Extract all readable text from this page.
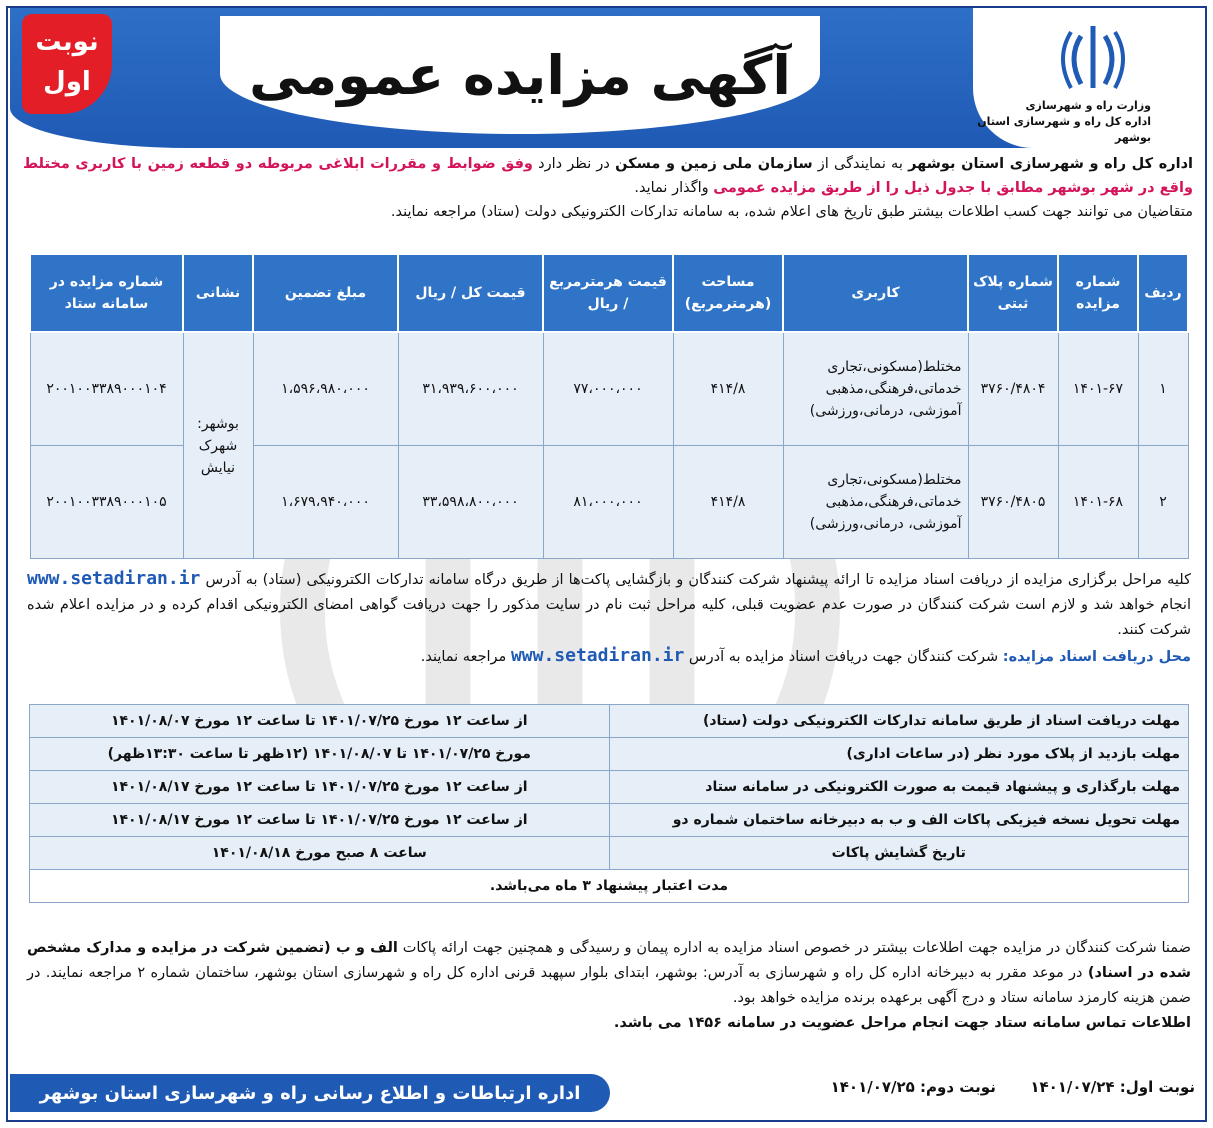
آگهی مزایده عمومی
نوبت
اول
وزارت راه و شهرسازی
اداره کل راه و شهرسازی استان بوشهر
اداره کل راه و شهرسازی استان بوشهر به نمایندگی از سازمان ملی زمین و مسکن در نظر دارد وفق ضوابط و مقررات ابلاغی مربوطه دو قطعه زمین با کاربری مختلط واقع در شهر بوشهر مطابق با جدول ذیل را از طریق مزایده عمومی واگذار نماید.
متقاضیان می توانند جهت کسب اطلاعات بیشتر طبق تاریخ های اعلام شده، به سامانه تدارکات الکترونیکی دولت (ستاد) مراجعه نمایند.
ردیف	شماره مزایده	شماره پلاک ثبتی	کاربری	مساحت (هرمترمربع)	قیمت هرمترمربع / ریال	قیمت کل / ریال	مبلغ تضمین	نشانی	شماره مزایده در سامانه ستاد
۱	۱۴۰۱-۶۷	۳۷۶۰/۴۸۰۴	مختلط(مسکونی،تجاری خدماتی،فرهنگی،مذهبی آموزشی، درمانی،ورزشی)	۴۱۴/۸	۷۷،۰۰۰،۰۰۰	۳۱،۹۳۹،۶۰۰،۰۰۰	۱،۵۹۶،۹۸۰،۰۰۰	بوشهر: شهرک نیایش	۲۰۰۱۰۰۳۳۸۹۰۰۰۱۰۴
۲	۱۴۰۱-۶۸	۳۷۶۰/۴۸۰۵	مختلط(مسکونی،تجاری خدماتی،فرهنگی،مذهبی آموزشی، درمانی،ورزشی)	۴۱۴/۸	۸۱،۰۰۰،۰۰۰	۳۳،۵۹۸،۸۰۰،۰۰۰	۱،۶۷۹،۹۴۰،۰۰۰		۲۰۰۱۰۰۳۳۸۹۰۰۰۱۰۵
کلیه مراحل برگزاری مزایده از دریافت اسناد مزایده تا ارائه پیشنهاد شرکت کنندگان و بازگشایی پاکت‌ها از طریق درگاه سامانه تدارکات الکترونیکی (ستاد) به آدرس www.setadiran.ir انجام خواهد شد و لازم است شرکت کنندگان در صورت عدم عضویت قبلی، کلیه مراحل ثبت نام در سایت مذکور را جهت دریافت گواهی امضای الکترونیکی اقدام کرده و در مزایده اعلام شده شرکت کنند.
محل دریافت اسناد مزایده: شرکت کنندگان جهت دریافت اسناد مزایده به آدرس www.setadiran.ir مراجعه نمایند.
مهلت دریافت اسناد از طریق سامانه تدارکات الکترونیکی دولت (ستاد)	از ساعت ۱۲ مورخ ۱۴۰۱/۰۷/۲۵ تا ساعت ۱۲ مورخ ۱۴۰۱/۰۸/۰۷
مهلت بازدید از پلاک مورد نظر (در ساعات اداری)	مورخ ۱۴۰۱/۰۷/۲۵ تا ۱۴۰۱/۰۸/۰۷ (۱۲ظهر تا ساعت ۱۳:۳۰ظهر)
مهلت بارگذاری و پیشنهاد قیمت به صورت الکترونیکی در سامانه ستاد	از ساعت ۱۲ مورخ ۱۴۰۱/۰۷/۲۵ تا ساعت ۱۲ مورخ ۱۴۰۱/۰۸/۱۷
مهلت تحویل نسخه فیزیکی پاکات الف و ب به دبیرخانه ساختمان شماره دو	از ساعت ۱۲ مورخ ۱۴۰۱/۰۷/۲۵ تا ساعت ۱۲ مورخ ۱۴۰۱/۰۸/۱۷
تاریخ گشایش پاکات	ساعت ۸ صبح مورخ ۱۴۰۱/۰۸/۱۸
مدت اعتبار پیشنهاد ۳ ماه می‌باشد.	
ضمنا شرکت کنندگان در مزایده جهت اطلاعات بیشتر در خصوص اسناد مزایده به اداره پیمان و رسیدگی و همچنین جهت ارائه پاکات الف و ب (تضمین شرکت در مزایده و مدارک مشخص شده در اسناد) در موعد مقرر به دبیرخانه اداره کل راه و شهرسازی به آدرس: بوشهر، ابتدای بلوار سپهبد قرنی اداره کل راه و شهرسازی استان بوشهر، ساختمان شماره ۲ مراجعه نمایند. در ضمن هزینه کارمزد سامانه ستاد و درج آگهی برعهده برنده مزایده خواهد بود.
اطلاعات تماس سامانه ستاد جهت انجام مراحل عضویت در سامانه ۱۴۵۶ می باشد.
نوبت اول: ۱۴۰۱/۰۷/۲۴  نوبت دوم: ۱۴۰۱/۰۷/۲۵
اداره ارتباطات و اطلاع رسانی راه و شهرسازی استان بوشهر
